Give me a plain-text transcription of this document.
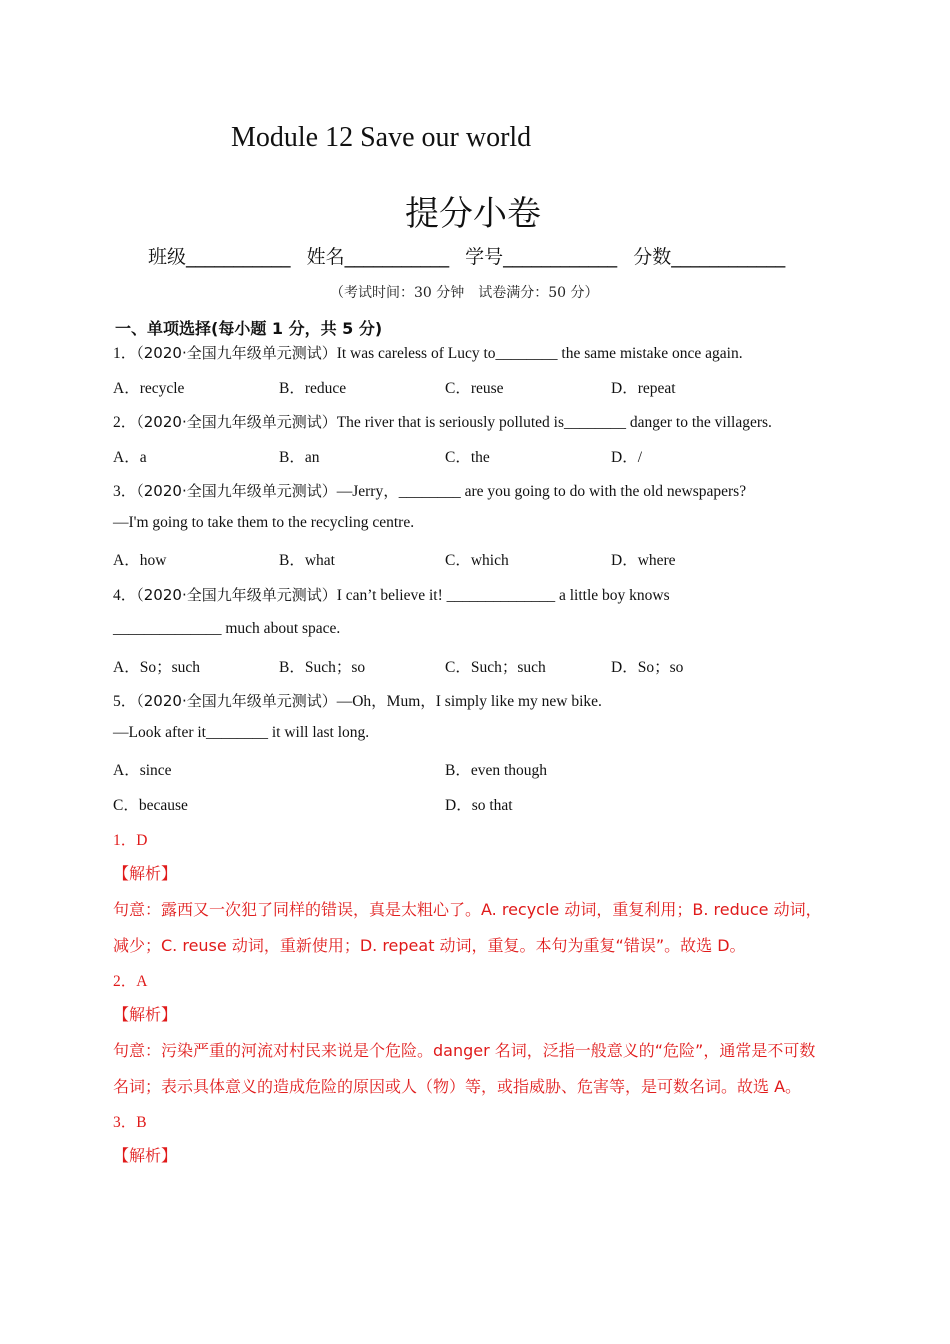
Module 12 Save our world
提分小卷
班级___________ 姓名___________ 学号____________ 分数____________
（考试时间：30 分钟　试卷满分：50 分）
一、单项选择(每小题 1 分，共 5 分)
1．（2020·全国九年级单元测试）It was careless of Lucy to________ the same mistake once again.
A．recycle	B．reduce	C．reuse	D．repeat
2．（2020·全国九年级单元测试）The river that is seriously polluted is________ danger to the villagers.
A．a	B．an	C．the	D．/
3．（2020·全国九年级单元测试）—Jerry，________ are you going to do with the old newspapers?
—I'm going to take them to the recycling centre.
A．how	B．what	C．which	D．where
4．（2020·全国九年级单元测试）I can’t believe it! ______________ a little boy knows
______________ much about space.
A．So；such	B．Such；so	C．Such；such	D．So；so
5．（2020·全国九年级单元测试）—Oh，Mum，I simply like my new bike.
—Look after it________ it will last long.
A．since	B．even though
C．because	D．so that
1．D
【解析】
句意：露西又一次犯了同样的错误，真是太粗心了。A. recycle 动词，重复利用；B. reduce 动词，
减少；C. reuse 动词，重新使用；D. repeat 动词，重复。本句为重复“错误”。故选 D。
2．A
【解析】
句意：污染严重的河流对村民来说是个危险。danger 名词，泛指一般意义的“危险”，通常是不可数
名词；表示具体意义的造成危险的原因或人（物）等，或指威胁、危害等，是可数名词。故选 A。
3．B
【解析】
